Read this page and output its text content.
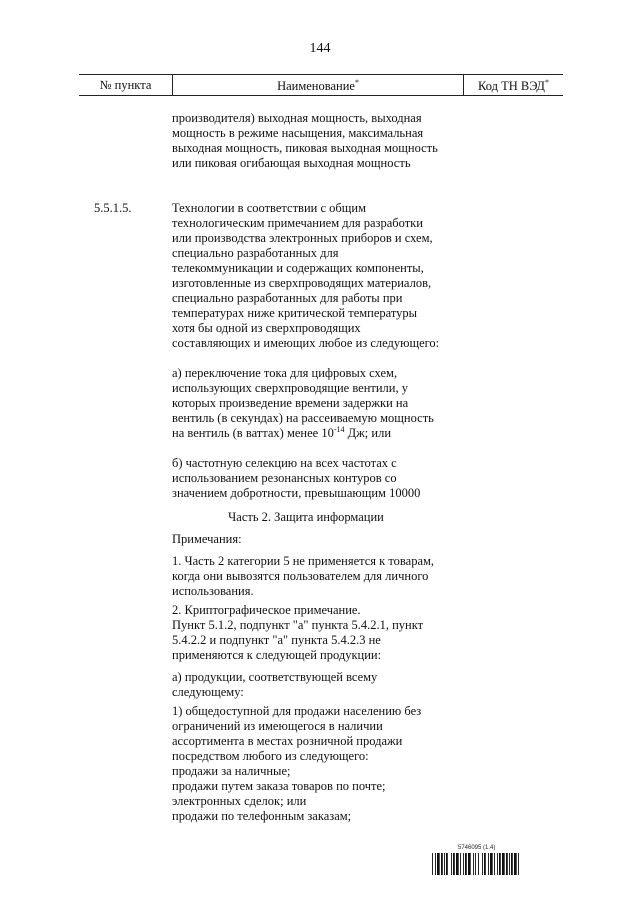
144
№ пункта	Наименование*	Код ТН ВЭД*
производителя) выходная мощность, выходная мощность в режиме насыщения, максимальная выходная мощность, пиковая выходная мощность или пиковая огибающая выходная мощность
5.5.1.5.	Технологии в соответствии с общим технологическим примечанием для разработки или производства электронных приборов и схем, специально разработанных для телекоммуникации и содержащих компоненты, изготовленные из сверхпроводящих материалов, специально разработанных для работы при температурах ниже критической температуры хотя бы одной из сверхпроводящих составляющих и имеющих любое из следующего:
а) переключение тока для цифровых схем, использующих сверхпроводящие вентили, у которых произведение времени задержки на вентиль (в секундах) на рассеиваемую мощность на вентиль (в ваттах) менее $10^{-14}$ Дж; или
б) частотную селекцию на всех частотах с использованием резонансных контуров со значением добротности, превышающим 10000
Часть 2. Защита информации
Примечания:
1. Часть 2 категории 5 не применяется к товарам, когда они вывозятся пользователем для личного использования.
2. Криптографическое примечание.
Пункт 5.1.2, подпункт "а" пункта 5.4.2.1, пункт 5.4.2.2 и подпункт "а" пункта 5.4.2.3 не применяются к следующей продукции:
а) продукции, соответствующей всему следующему:
1) общедоступной для продажи населению без ограничений из имеющегося в наличии ассортимента в местах розничной продажи посредством любого из следующего:
продажи за наличные;
продажи путем заказа товаров по почте;
электронных сделок; или
продажи по телефонным заказам;
5746095 (1.4)
